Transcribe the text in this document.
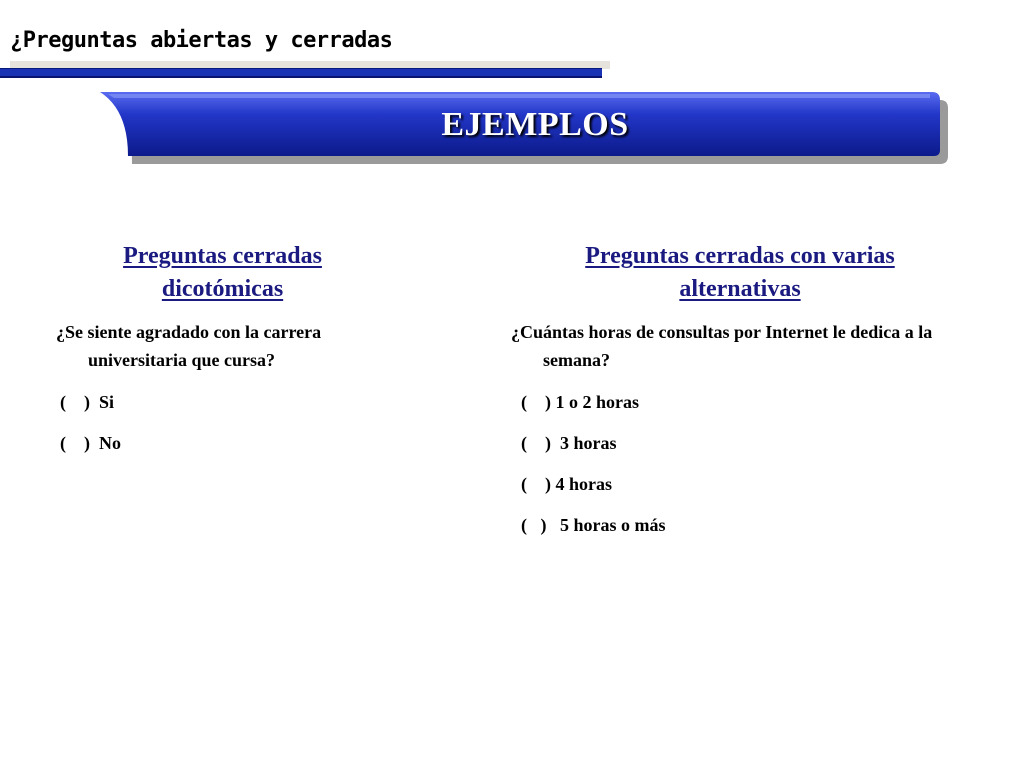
¿Preguntas abiertas y cerradas
EJEMPLOS
Preguntas cerradas
dicotómicas

¿Se siente agradado con la carrera universitaria que cursa?

(    )  Si
(    )  No
Preguntas cerradas con varias
alternativas

¿Cuántas horas de consultas por Internet le dedica a la semana?

(    ) 1 o 2 horas
(    )  3 horas
(    ) 4 horas
(   )   5 horas o más
